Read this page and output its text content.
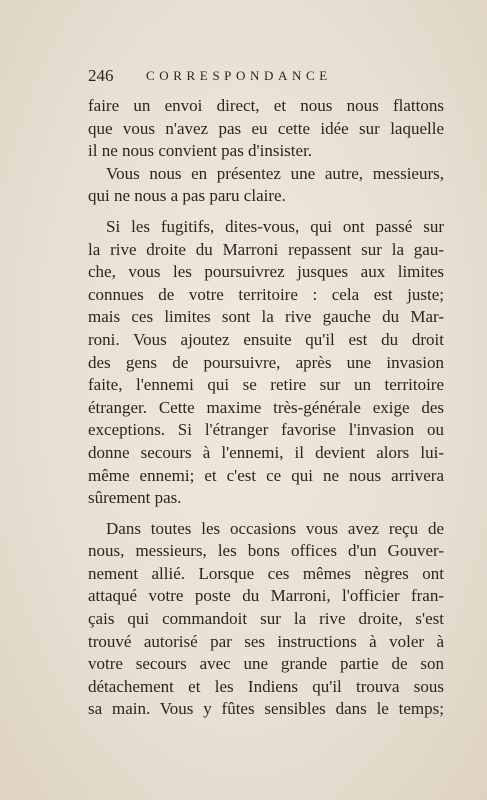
246	CORRESPONDANCE
faire un envoi direct, et nous nous flattons
que vous n'avez pas eu cette idée sur laquelle
il ne nous convient pas d'insister.
Vous nous en présentez une autre, messieurs,
qui ne nous a pas paru claire.
Si les fugitifs, dites-vous, qui ont passé sur
la rive droite du Marroni repassent sur la gau-
che, vous les poursuivrez jusques aux limites
connues de votre territoire : cela est juste;
mais ces limites sont la rive gauche du Mar-
roni. Vous ajoutez ensuite qu'il est du droit
des gens de poursuivre, après une invasion
faite, l'ennemi qui se retire sur un territoire
étranger. Cette maxime très-générale exige des
exceptions. Si l'étranger favorise l'invasion ou
donne secours à l'ennemi, il devient alors lui-
même ennemi; et c'est ce qui ne nous arrivera
sûrement pas.
Dans toutes les occasions vous avez reçu de
nous, messieurs, les bons offices d'un Gouver-
nement allié. Lorsque ces mêmes nègres ont
attaqué votre poste du Marroni, l'officier fran-
çais qui commandoit sur la rive droite, s'est
trouvé autorisé par ses instructions à voler à
votre secours avec une grande partie de son
détachement et les Indiens qu'il trouva sous
sa main. Vous y fûtes sensibles dans le temps;
